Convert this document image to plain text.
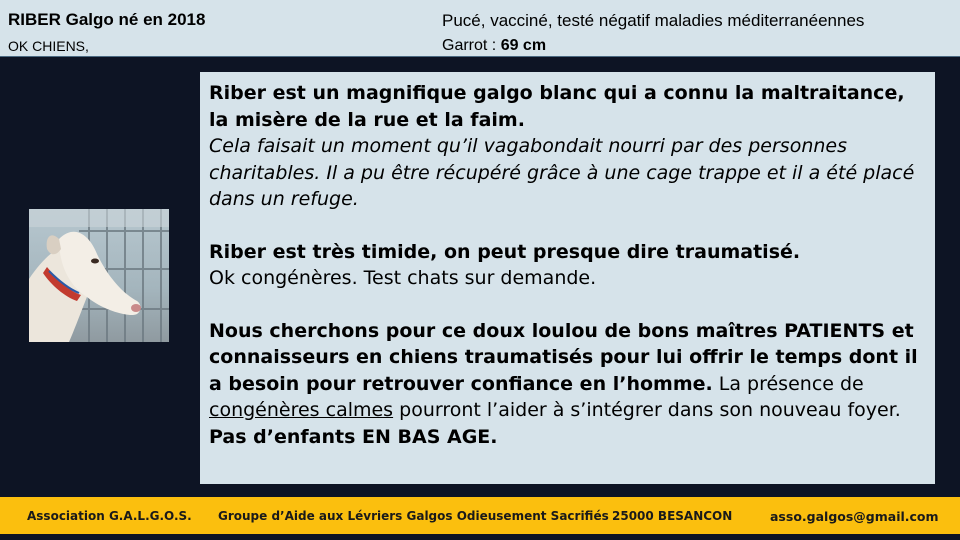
RIBER Galgo né en 2018
OK CHIENS,
Pucé, vacciné, testé négatif maladies méditerranéennes
Garrot : 69 cm

Riber est un magnifique galgo blanc qui a connu la maltraitance, la misère de la rue et la faim.
Cela faisait un moment qu’il vagabondait nourri par des personnes charitables. Il a pu être récupéré grâce à une cage trappe et il a été placé dans un refuge.

Riber est très timide, on peut presque dire traumatisé.
Ok congénères. Test chats sur demande.

Nous cherchons pour ce doux loulou de bons maîtres PATIENTS et connaisseurs en chiens traumatisés pour lui offrir le temps dont il a besoin pour retrouver confiance en l’homme. La présence de congénères calmes pourront l’aider à s’intégrer dans son nouveau foyer.
Pas d’enfants EN BAS AGE.

Association G.A.L.G.O.S. Groupe d’Aide aux Lévriers Galgos Odieusement Sacrifiés 25000 BESANCON	asso.galgos@gmail.com
